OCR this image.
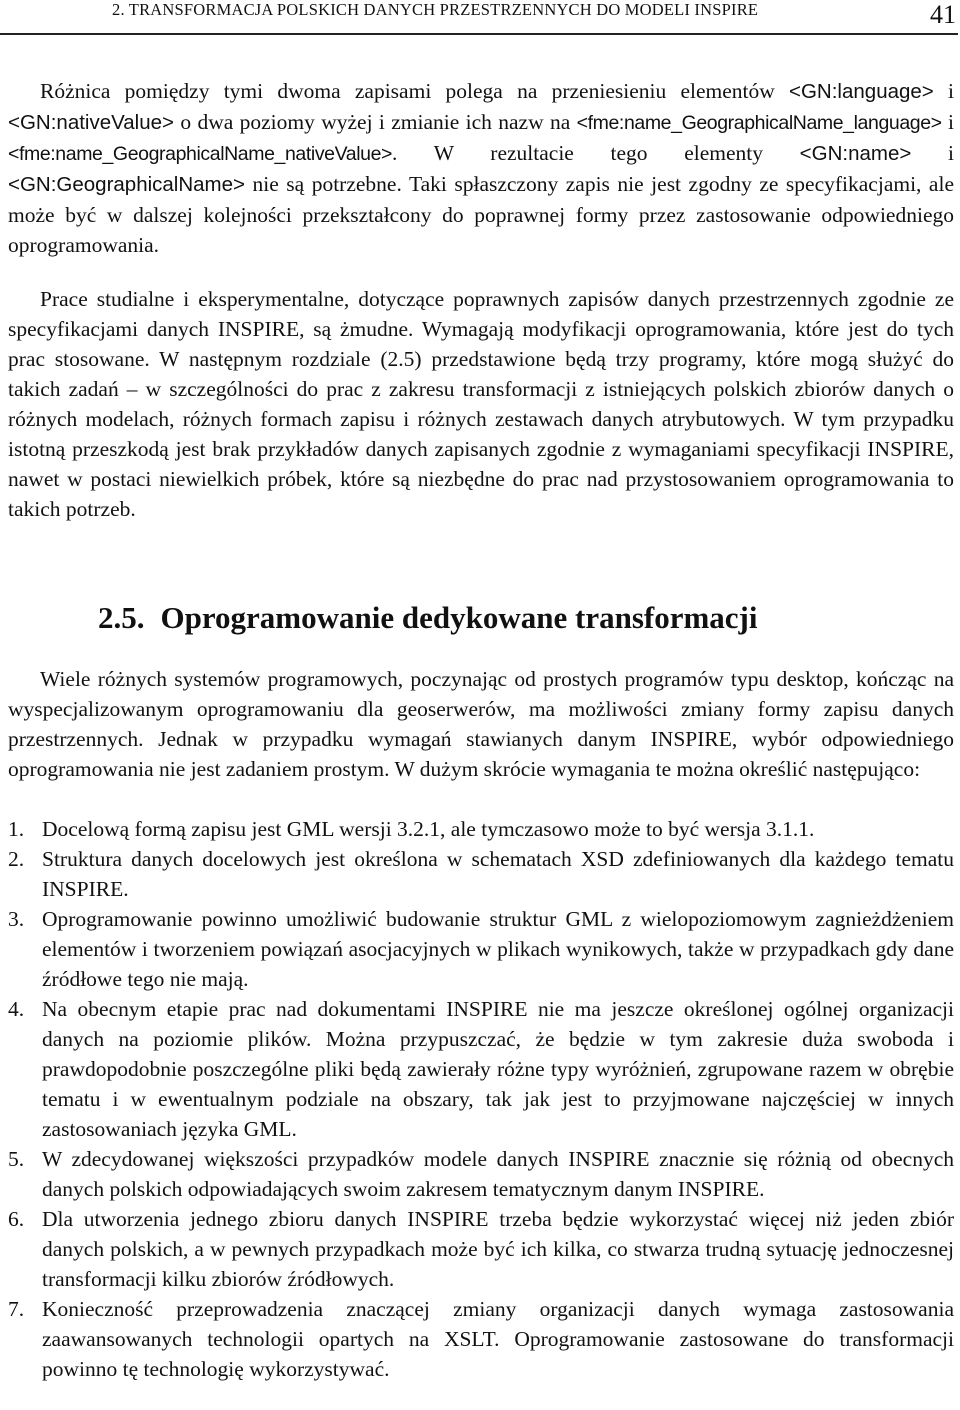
2. TRANSFORMACJA POLSKICH DANYCH PRZESTRZENNYCH DO MODELI INSPIRE	41

Różnica pomiędzy tymi dwoma zapisami polega na przeniesieniu elementów <GN:language> i <GN:nativeValue> o dwa poziomy wyżej i zmianie ich nazw na <fme:name_GeographicalName_language> i <fme:name_GeographicalName_nativeValue>. W rezultacie tego elementy <GN:name> i <GN:GeographicalName> nie są potrzebne. Taki spłaszczony zapis nie jest zgodny ze specyfikacjami, ale może być w dalszej kolejności przekształcony do poprawnej formy przez zastosowanie odpowiedniego oprogramowania.

Prace studialne i eksperymentalne, dotyczące poprawnych zapisów danych przestrzennych zgodnie ze specyfikacjami danych INSPIRE, są żmudne. Wymagają modyfikacji oprogramowania, które jest do tych prac stosowane. W następnym rozdziale (2.5) przedstawione będą trzy programy, które mogą służyć do takich zadań – w szczególności do prac z zakresu transformacji z istniejących polskich zbiorów danych o różnych modelach, różnych formach zapisu i różnych zestawach danych atrybutowych. W tym przypadku istotną przeszkodą jest brak przykładów danych zapisanych zgodnie z wymaganiami specyfikacji INSPIRE, nawet w postaci niewielkich próbek, które są niezbędne do prac nad przystosowaniem oprogramowania to takich potrzeb.

2.5. Oprogramowanie dedykowane transformacji

Wiele różnych systemów programowych, poczynając od prostych programów typu desktop, kończąc na wyspecjalizowanym oprogramowaniu dla geoserwerów, ma możliwości zmiany formy zapisu danych przestrzennych. Jednak w przypadku wymagań stawianych danym INSPIRE, wybór odpowiedniego oprogramowania nie jest zadaniem prostym. W dużym skrócie wymagania te można określić następująco:

1. Docelową formą zapisu jest GML wersji 3.2.1, ale tymczasowo może to być wersja 3.1.1.
2. Struktura danych docelowych jest określona w schematach XSD zdefiniowanych dla każdego tematu INSPIRE.
3. Oprogramowanie powinno umożliwić budowanie struktur GML z wielopoziomowym zagnieżdżeniem elementów i tworzeniem powiązań asocjacyjnych w plikach wynikowych, także w przypadkach gdy dane źródłowe tego nie mają.
4. Na obecnym etapie prac nad dokumentami INSPIRE nie ma jeszcze określonej ogólnej organizacji danych na poziomie plików. Można przypuszczać, że będzie w tym zakresie duża swoboda i prawdopodobnie poszczególne pliki będą zawierały różne typy wyróżnień, zgrupowane razem w obrębie tematu i w ewentualnym podziale na obszary, tak jak jest to przyjmowane najczęściej w innych zastosowaniach języka GML.
5. W zdecydowanej większości przypadków modele danych INSPIRE znacznie się różnią od obecnych danych polskich odpowiadających swoim zakresem tematycznym danym INSPIRE.
6. Dla utworzenia jednego zbioru danych INSPIRE trzeba będzie wykorzystać więcej niż jeden zbiór danych polskich, a w pewnych przypadkach może być ich kilka, co stwarza trudną sytuację jednoczesnej transformacji kilku zbiorów źródłowych.
7. Konieczność przeprowadzenia znaczącej zmiany organizacji danych wymaga zastosowania zaawansowanych technologii opartych na XSLT. Oprogramowanie zastosowane do transformacji powinno tę technologię wykorzystywać.
